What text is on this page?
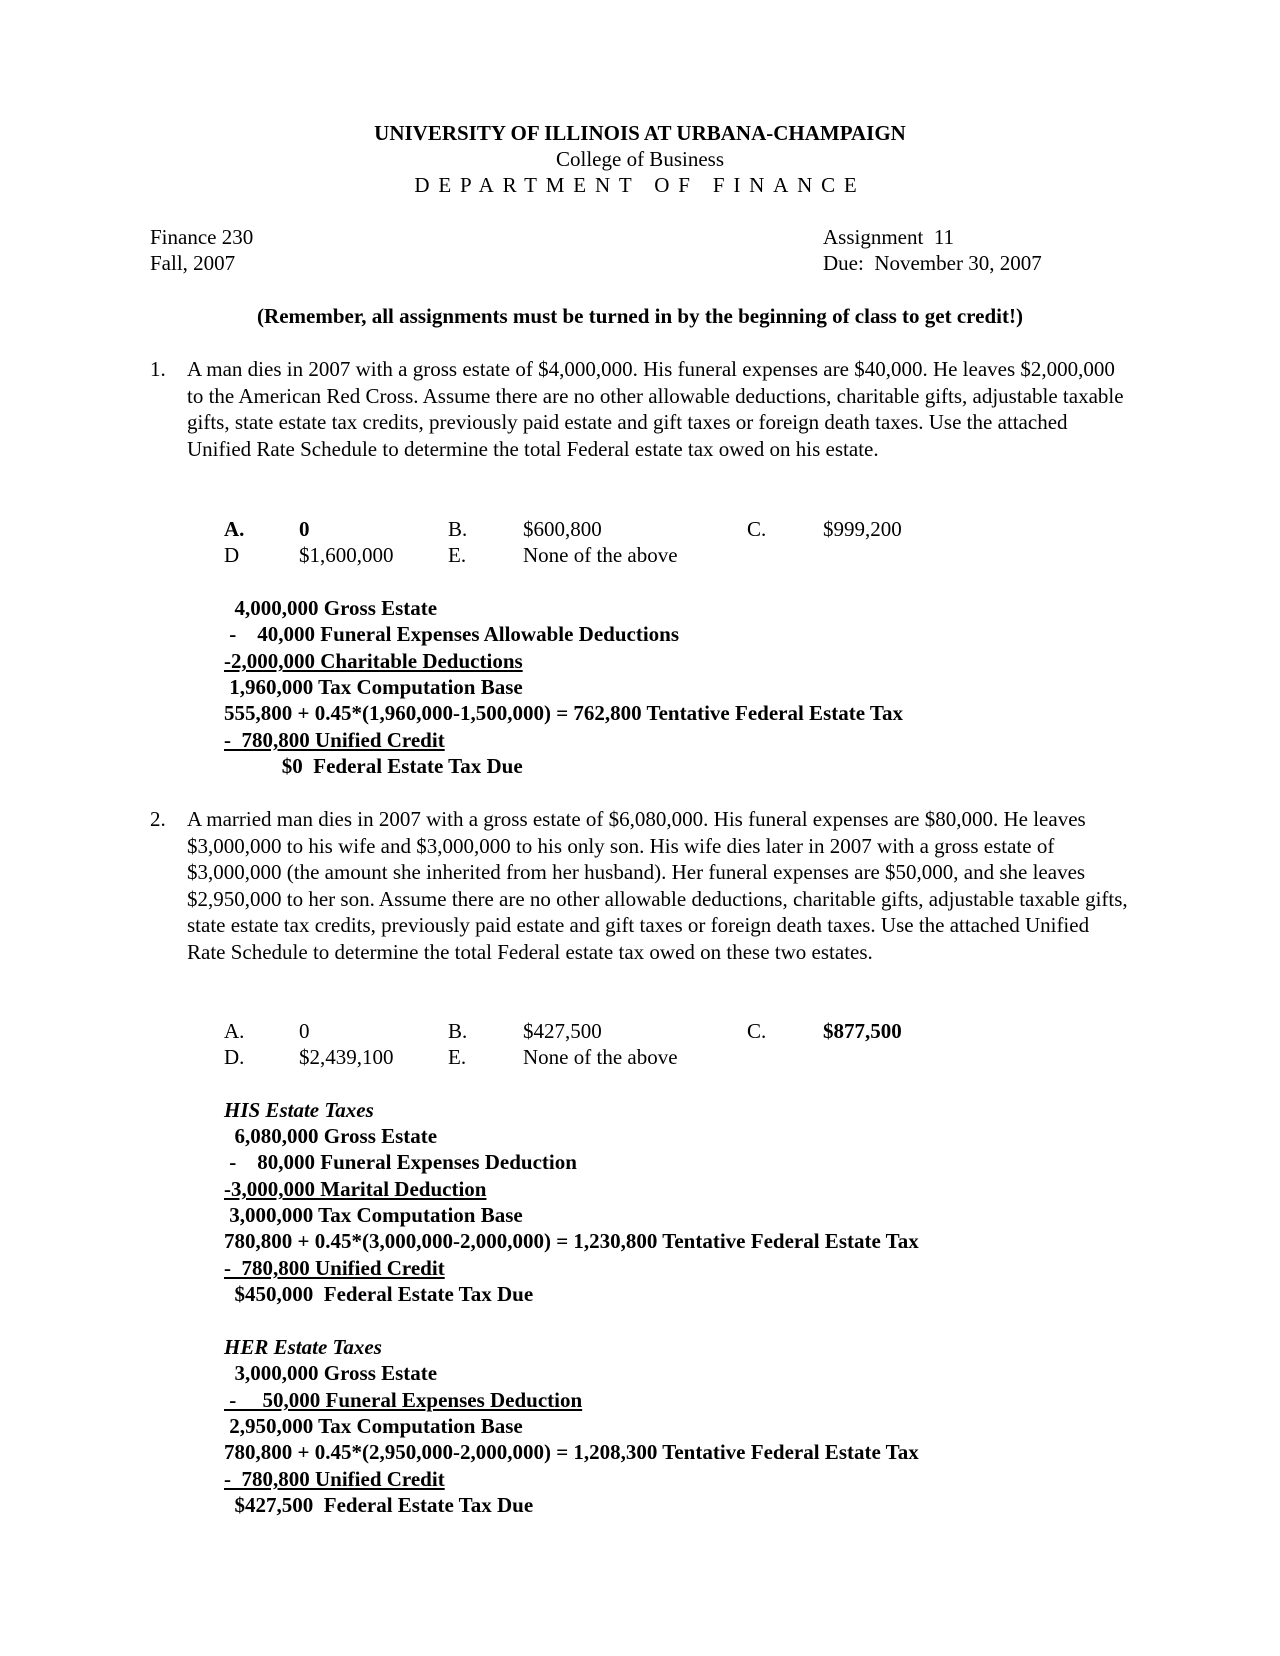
UNIVERSITY OF ILLINOIS AT URBANA-CHAMPAIGN
College of Business
DEPARTMENT OF FINANCE
Finance 230
Fall, 2007
Assignment  11
Due:  November 30, 2007
(Remember, all assignments must be turned in by the beginning of class to get credit!)
1. A man dies in 2007 with a gross estate of $4,000,000. His funeral expenses are $40,000. He leaves $2,000,000 to the American Red Cross. Assume there are no other allowable deductions, charitable gifts, adjustable taxable gifts, state estate tax credits, previously paid estate and gift taxes or foreign death taxes. Use the attached Unified Rate Schedule to determine the total Federal estate tax owed on his estate.
A.	0	B.	$600,800	C.	$999,200
D	$1,600,000	E.	None of the above
4,000,000 Gross Estate
-    40,000 Funeral Expenses Allowable Deductions
-2,000,000 Charitable Deductions
1,960,000 Tax Computation Base
555,800 + 0.45*(1,960,000-1,500,000) = 762,800 Tentative Federal Estate Tax
-  780,800 Unified Credit
$0  Federal Estate Tax Due
2. A married man dies in 2007 with a gross estate of $6,080,000. His funeral expenses are $80,000. He leaves $3,000,000 to his wife and $3,000,000 to his only son. His wife dies later in 2007 with a gross estate of $3,000,000 (the amount she inherited from her husband). Her funeral expenses are $50,000, and she leaves $2,950,000 to her son. Assume there are no other allowable deductions, charitable gifts, adjustable taxable gifts, state estate tax credits, previously paid estate and gift taxes or foreign death taxes. Use the attached Unified Rate Schedule to determine the total Federal estate tax owed on these two estates.
A.	0	B.	$427,500	C.	$877,500
D.	$2,439,100	E.	None of the above
HIS Estate Taxes
6,080,000 Gross Estate
-    80,000 Funeral Expenses Deduction
-3,000,000 Marital Deduction
3,000,000 Tax Computation Base
780,800 + 0.45*(3,000,000-2,000,000) = 1,230,800 Tentative Federal Estate Tax
-  780,800 Unified Credit
$450,000  Federal Estate Tax Due
HER Estate Taxes
3,000,000 Gross Estate
-     50,000 Funeral Expenses Deduction
2,950,000 Tax Computation Base
780,800 + 0.45*(2,950,000-2,000,000) = 1,208,300 Tentative Federal Estate Tax
-  780,800 Unified Credit
$427,500  Federal Estate Tax Due
